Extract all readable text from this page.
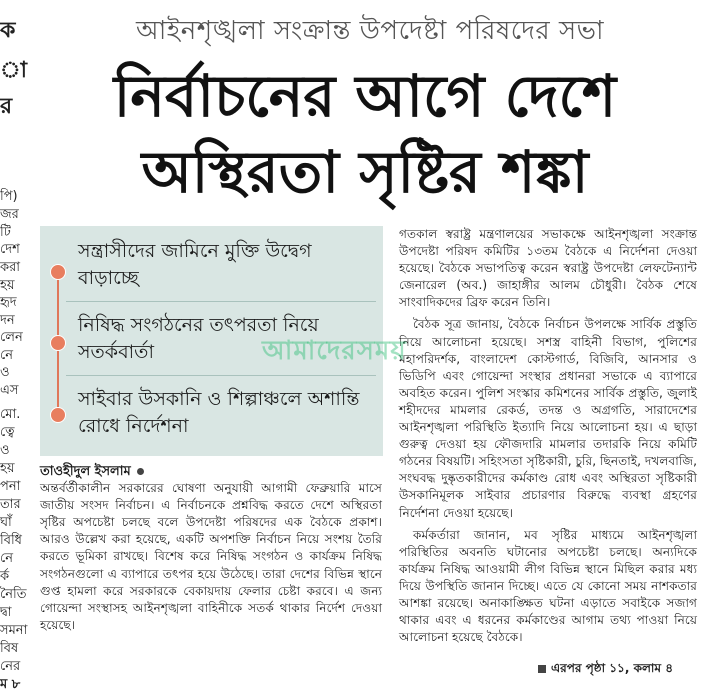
ক
া
র
পি)
জর
টি
দেশ
করা
হয়
হৃদ
দন
লেন
নে
ও
এস
মো.
ত্বে
ও
হয়
পনা
তার
ঘাঁ
বিধি
নে
র্ক
নৈতি
দ্বা
সমনা
বিষ
নের
ম ৮
আইনশৃঙ্খলা সংক্রান্ত উপদেষ্টা পরিষদের সভা
নির্বাচনের আগে দেশে
অস্থিরতা সৃষ্টির শঙ্কা
সন্ত্রাসীদের জামিনে মুক্তি উদ্বেগ বাড়াচ্ছে
নিষিদ্ধ সংগঠনের তৎপরতা নিয়ে সতর্কবার্তা
সাইবার উসকানি ও শিল্পাঞ্চলে অশান্তি রোধে নির্দেশনা

গতকাল স্বরাষ্ট্র মন্ত্রণালয়ের সভাকক্ষে আইনশৃঙ্খলা সংক্রান্ত উপদেষ্টা পরিষদ কমিটির ১৩তম বৈঠকে এ নির্দেশনা দেওয়া হয়েছে। বৈঠকে সভাপতিত্ব করেন স্বরাষ্ট্র উপদেষ্টা লেফটেন্যান্ট জেনারেল (অব.) জাহাঙ্গীর আলম চৌধুরী। বৈঠক শেষে সাংবাদিকদের ব্রিফ করেন তিনি।

বৈঠক সূত্র জানায়, বৈঠকে নির্বাচন উপলক্ষে সার্বিক প্রস্তুতি নিয়ে আলোচনা হয়েছে। সশস্ত্র বাহিনী বিভাগ, পুলিশের মহাপরিদর্শক, বাংলাদেশ কোস্টগার্ড, বিজিবি, আনসার ও ভিডিপি এবং গোয়েন্দা সংস্থার প্রধানরা সভাকে এ ব্যাপারে অবহিত করেন। পুলিশ সংস্কার কমিশনের সার্বিক প্রস্তুতি, জুলাই শহীদদের মামলার রেকর্ড, তদন্ত ও অগ্রগতি, সারাদেশের আইনশৃঙ্খলা পরিস্থিতি ইত্যাদি নিয়ে আলোচনা হয়। এ ছাড়া গুরুত্ব দেওয়া হয় ফৌজদারি মামলার তদারকি নিয়ে কমিটি গঠনের বিষয়টি। সহিংসতা সৃষ্টিকারী, চুরি, ছিনতাই, দখলবাজি, সংঘবদ্ধ দুষ্কৃতকারীদের কর্মকাণ্ড রোধ এবং অস্থিরতা সৃষ্টিকারী উসকানিমূলক সাইবার প্রচারণার বিরুদ্ধে ব্যবস্থা গ্রহণের নির্দেশনা দেওয়া হয়েছে।

কর্মকর্তারা জানান, মব সৃষ্টির মাধ্যমে আইনশৃঙ্খলা পরিস্থিতির অবনতি ঘটানোর অপচেষ্টা চলছে। অন্যদিকে কার্যক্রম নিষিদ্ধ আওয়ামী লীগ বিভিন্ন স্থানে মিছিল করার মধ্য দিয়ে উপস্থিতি জানান দিচ্ছে। এতে যে কোনো সময় নাশকতার আশঙ্কা রয়েছে। অনাকাঙ্ক্ষিত ঘটনা এড়াতে সবাইকে সজাগ থাকার এবং এ ধরনের কর্মকাণ্ডের আগাম তথ্য পাওয়া নিয়ে আলোচনা হয়েছে বৈঠকে।

আমাদেরসময়

তাওহীদুল ইসলাম

অন্তর্বর্তীকালীন সরকারের ঘোষণা অনুযায়ী আগামী ফেব্রুয়ারি মাসে জাতীয় সংসদ নির্বাচন। এ নির্বাচনকে প্রশ্নবিদ্ধ করতে দেশে অস্থিরতা সৃষ্টির অপচেষ্টা চলছে বলে উপদেষ্টা পরিষদের এক বৈঠকে প্রকাশ। আরও উল্লেখ করা হয়েছে, একটি অপশক্তি নির্বাচন নিয়ে সংশয় তৈরি করতে ভূমিকা রাখছে। বিশেষ করে নিষিদ্ধ সংগঠন ও কার্যক্রম নিষিদ্ধ সংগঠনগুলো এ ব্যাপারে তৎপর হয়ে উঠেছে। তারা দেশের বিভিন্ন স্থানে গুপ্ত হামলা করে সরকারকে বেকায়দায় ফেলার চেষ্টা করবে। এ জন্য গোয়েন্দা সংস্থাসহ আইনশৃঙ্খলা বাহিনীকে সতর্ক থাকার নির্দেশ দেওয়া হয়েছে।

এরপর পৃষ্ঠা ১১, কলাম ৪
